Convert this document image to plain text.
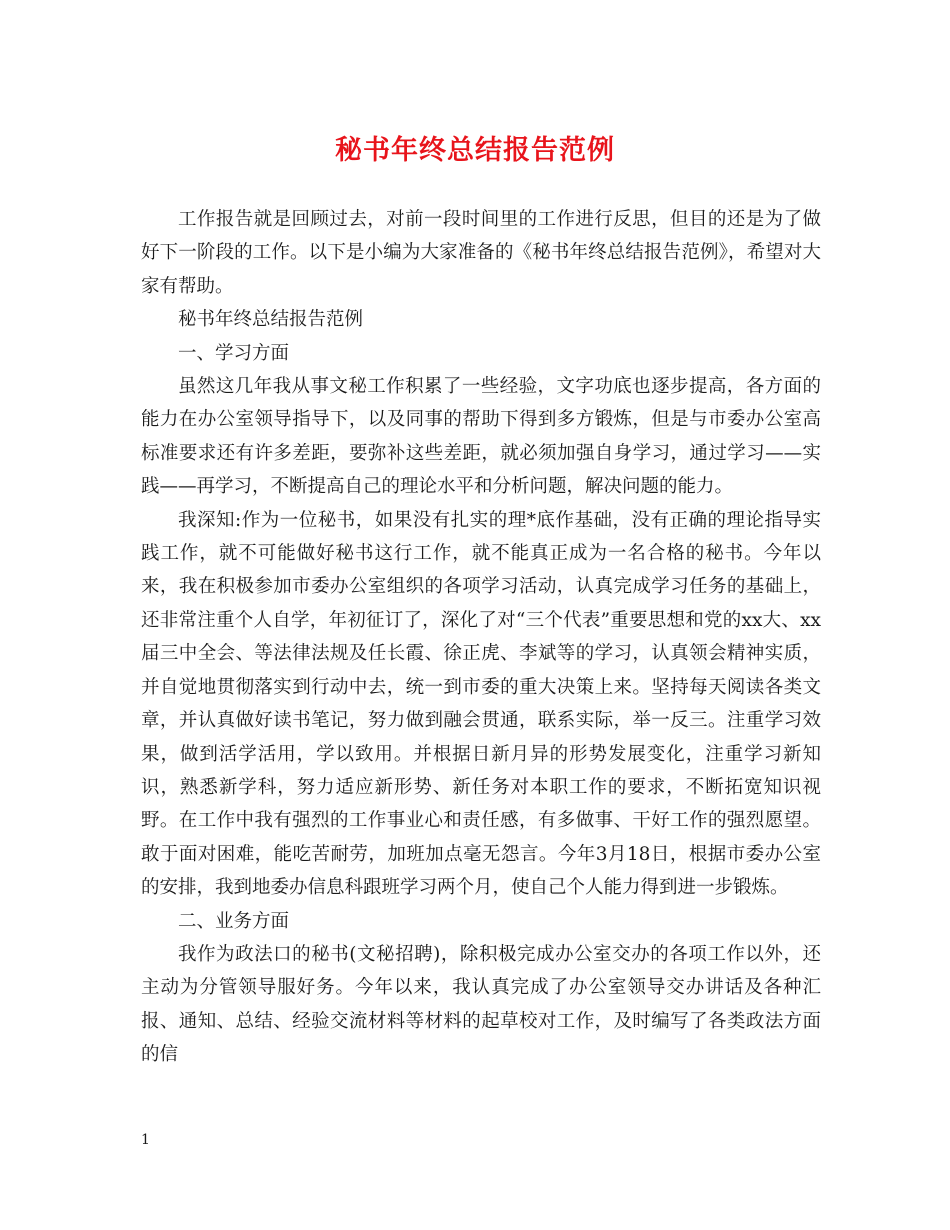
秘书年终总结报告范例

工作报告就是回顾过去，对前一段时间里的工作进行反思，但目的还是为了做好下一阶段的工作。以下是小编为大家准备的《秘书年终总结报告范例》，希望对大家有帮助。

秘书年终总结报告范例

一、学习方面

虽然这几年我从事文秘工作积累了一些经验，文字功底也逐步提高，各方面的能力在办公室领导指导下，以及同事的帮助下得到多方锻炼，但是与市委办公室高标准要求还有许多差距，要弥补这些差距，就必须加强自身学习，通过学习——实践——再学习，不断提高自己的理论水平和分析问题，解决问题的能力。

我深知:作为一位秘书，如果没有扎实的理*底作基础，没有正确的理论指导实践工作，就不可能做好秘书这行工作，就不能真正成为一名合格的秘书。今年以来，我在积极参加市委办公室组织的各项学习活动，认真完成学习任务的基础上，还非常注重个人自学，年初征订了，深化了对“三个代表”重要思想和党的xx大、xx届三中全会、等法律法规及任长霞、徐正虎、李斌等的学习，认真领会精神实质，并自觉地贯彻落实到行动中去，统一到市委的重大决策上来。坚持每天阅读各类文章，并认真做好读书笔记，努力做到融会贯通，联系实际，举一反三。注重学习效果，做到活学活用，学以致用。并根据日新月异的形势发展变化，注重学习新知识，熟悉新学科，努力适应新形势、新任务对本职工作的要求，不断拓宽知识视野。在工作中我有强烈的工作事业心和责任感，有多做事、干好工作的强烈愿望。敢于面对困难，能吃苦耐劳，加班加点毫无怨言。今年3月18日，根据市委办公室的安排，我到地委办信息科跟班学习两个月，使自己个人能力得到进一步锻炼。

二、业务方面

我作为政法口的秘书(文秘招聘)，除积极完成办公室交办的各项工作以外，还主动为分管领导服好务。今年以来，我认真完成了办公室领导交办讲话及各种汇报、通知、总结、经验交流材料等材料的起草校对工作，及时编写了各类政法方面的信

1
